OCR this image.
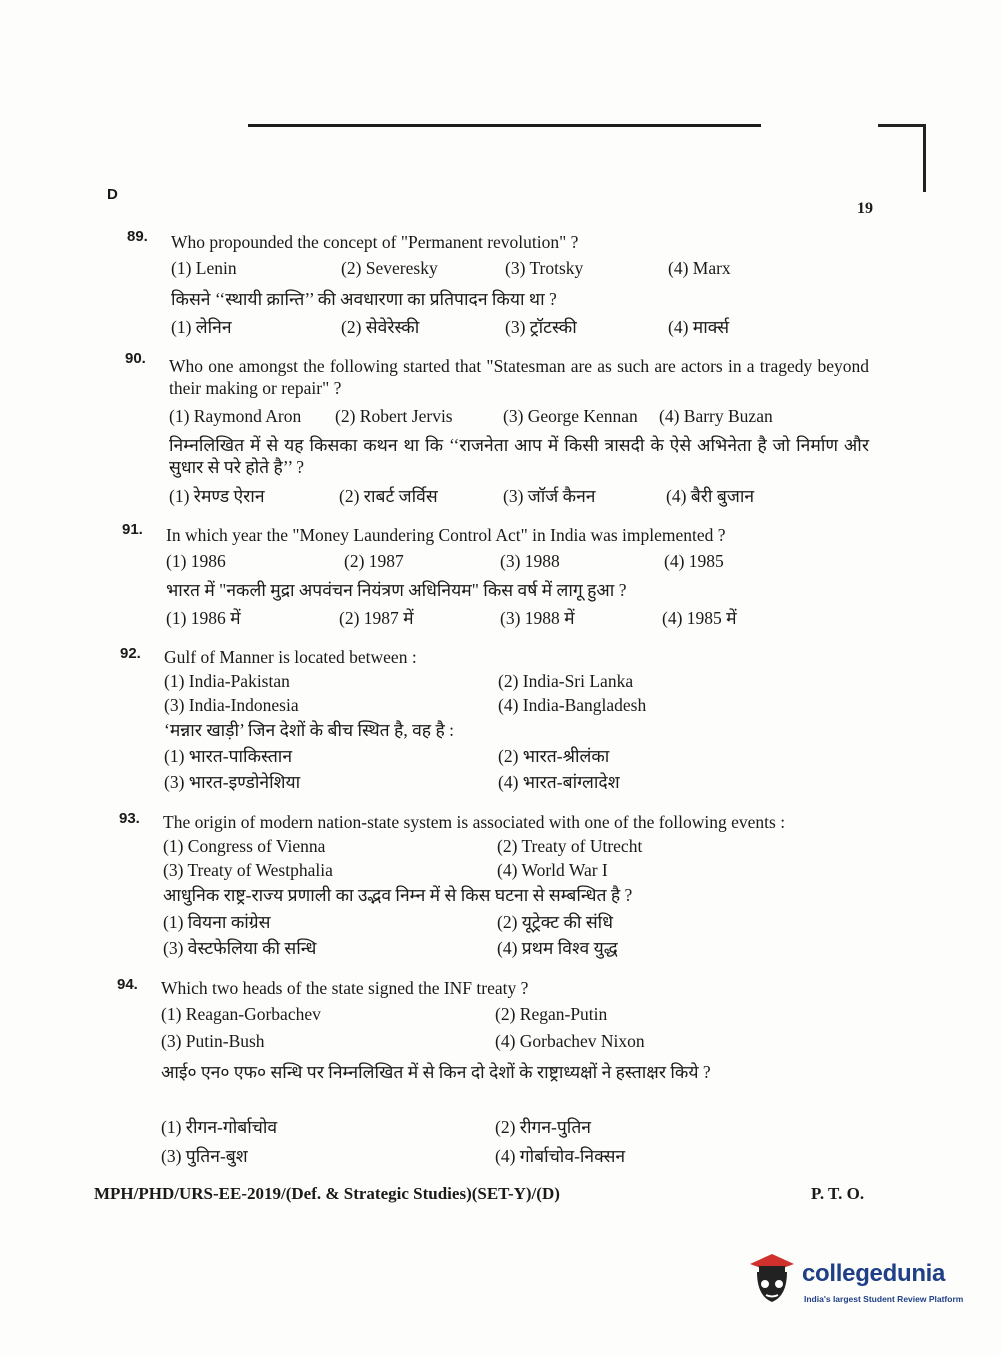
D
19
89. Who propounded the concept of "Permanent revolution" ?
(1) Lenin	(2) Severesky	(3) Trotsky	(4) Marx
किसने ‘‘स्थायी क्रान्ति’’ की अवधारणा का प्रतिपादन किया था ?
(1) लेनिन	(2) सेवेरेस्की	(3) ट्रॉटस्की	(4) मार्क्स
90. Who one amongst the following started that "Statesman are as such are actors in a tragedy beyond their making or repair" ?
(1) Raymond Aron (2) Robert Jervis	(3) George Kennan (4) Barry Buzan
निम्नलिखित में से यह किसका कथन था कि ‘‘राजनेता आप में किसी त्रासदी के ऐसे अभिनेता है जो निर्माण और सुधार से परे होते है’’ ?
(1) रेमण्ड ऐरान	(2) राबर्ट जर्विस	(3) जॉर्ज कैनन	(4) बैरी बुजान
91. In which year the "Money Laundering Control Act" in India was implemented ?
(1) 1986	(2) 1987	(3) 1988	(4) 1985
भारत में "नकली मुद्रा अपवंचन नियंत्रण अधिनियम" किस वर्ष में लागू हुआ ?
(1) 1986 में	(2) 1987 में	(3) 1988 में	(4) 1985 में
92. Gulf of Manner is located between :
(1) India-Pakistan	(2) India-Sri Lanka
(3) India-Indonesia	(4) India-Bangladesh
‘मन्नार खाड़ी’ जिन देशों के बीच स्थित है, वह है :
(1) भारत-पाकिस्तान	(2) भारत-श्रीलंका
(3) भारत-इण्डोनेशिया	(4) भारत-बांग्लादेश
93. The origin of modern nation-state system is associated with one of the following events :
(1) Congress of Vienna	(2) Treaty of Utrecht
(3) Treaty of Westphalia	(4) World War I
आधुनिक राष्ट्र-राज्य प्रणाली का उद्भव निम्न में से किस घटना से सम्बन्धित है ?
(1) वियना कांग्रेस	(2) यूट्रेक्ट की संधि
(3) वेस्टफेलिया की सन्धि	(4) प्रथम विश्व युद्ध
94. Which two heads of the state signed the INF treaty ?
(1) Reagan-Gorbachev	(2) Regan-Putin
(3) Putin-Bush	(4) Gorbachev Nixon
आई० एन० एफ० सन्धि पर निम्नलिखित में से किन दो देशों के राष्ट्राध्यक्षों ने हस्ताक्षर किये ?
(1) रीगन-गोर्बाचोव	(2) रीगन-पुतिन
(3) पुतिन-बुश	(4) गोर्बाचोव-निक्सन
MPH/PHD/URS-EE-2019/(Def. & Strategic Studies)(SET-Y)/(D)	P. T. O.
collegedunia
India's largest Student Review Platform
